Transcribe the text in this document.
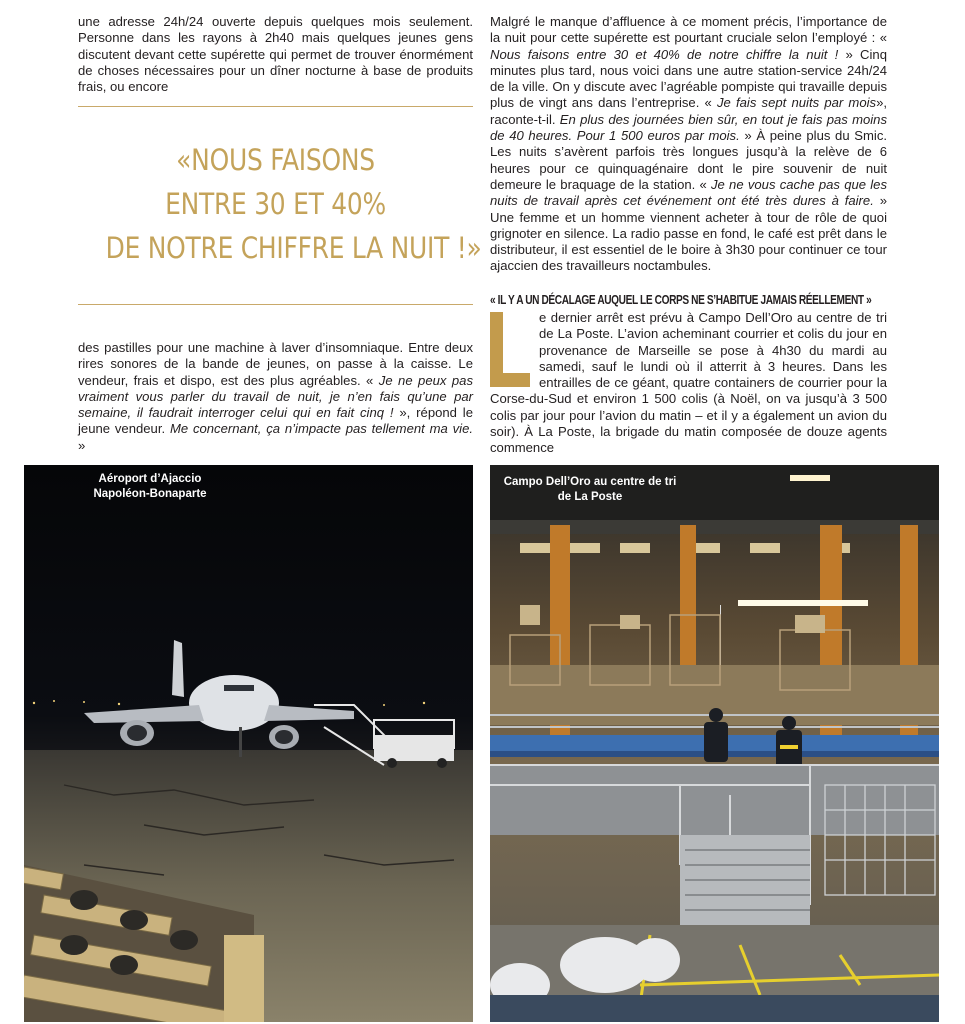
une adresse 24h/24 ouverte depuis quelques mois seulement. Personne dans les rayons à 2h40 mais quelques jeunes gens discutent devant cette supérette qui permet de trouver énormément de choses nécessaires pour un dîner nocturne à base de produits frais, ou encore

«NOUS FAISONS
ENTRE 30 ET 40%
DE NOTRE CHIFFRE LA NUIT !»

des pastilles pour une machine à laver d’insomniaque. Entre deux rires sonores de la bande de jeunes, on passe à la caisse. Le vendeur, frais et dispo, est des plus agréables. « Je ne peux pas vraiment vous parler du travail de nuit, je n’en fais qu’une par semaine, il faudrait interroger celui qui en fait cinq ! », répond le jeune vendeur. Me concernant, ça n’impacte pas tellement ma vie. »

Malgré le manque d’affluence à ce moment précis, l’importance de la nuit pour cette supérette est pourtant cruciale selon l’employé : « Nous faisons entre 30 et 40% de notre chiffre la nuit ! » Cinq minutes plus tard, nous voici dans une autre station-service 24h/24 de la ville. On y discute avec l’agréable pompiste qui travaille depuis plus de vingt ans dans l’entreprise. « Je fais sept nuits par mois», raconte-t-il. En plus des journées bien sûr, en tout je fais pas moins de 40 heures. Pour 1 500 euros par mois. » À peine plus du Smic. Les nuits s’avèrent parfois très longues jusqu’à la relève de 6 heures pour ce quinquagénaire dont le pire souvenir de nuit demeure le braquage de la station. « Je ne vous cache pas que les nuits de travail après cet événement ont été très dures à faire. » Une femme et un homme viennent acheter à tour de rôle de quoi grignoter en silence. La radio passe en fond, le café est prêt dans le distributeur, il est essentiel de le boire à 3h30 pour continuer ce tour ajaccien des travailleurs noctambules.

« IL Y A UN DÉCALAGE AUQUEL LE CORPS NE S’HABITUE JAMAIS RÉELLEMENT »
e dernier arrêt est prévu à Campo Dell’Oro au centre de tri de La Poste. L’avion acheminant courrier et colis du jour en provenance de Marseille se pose à 4h30 du mardi au samedi, sauf le lundi où il atterrit à 3 heures. Dans les entrailles de ce géant, quatre containers de courrier pour la Corse-du-Sud et environ 1 500 colis (à Noël, on va jusqu’à 3 500 colis par jour pour l’avion du matin – et il y a également un avion du soir). À La Poste, la brigade du matin composée de douze agents commence
Aéroport d’Ajaccio
Napoléon-Bonaparte
Campo Dell’Oro au centre de tri
de La Poste
